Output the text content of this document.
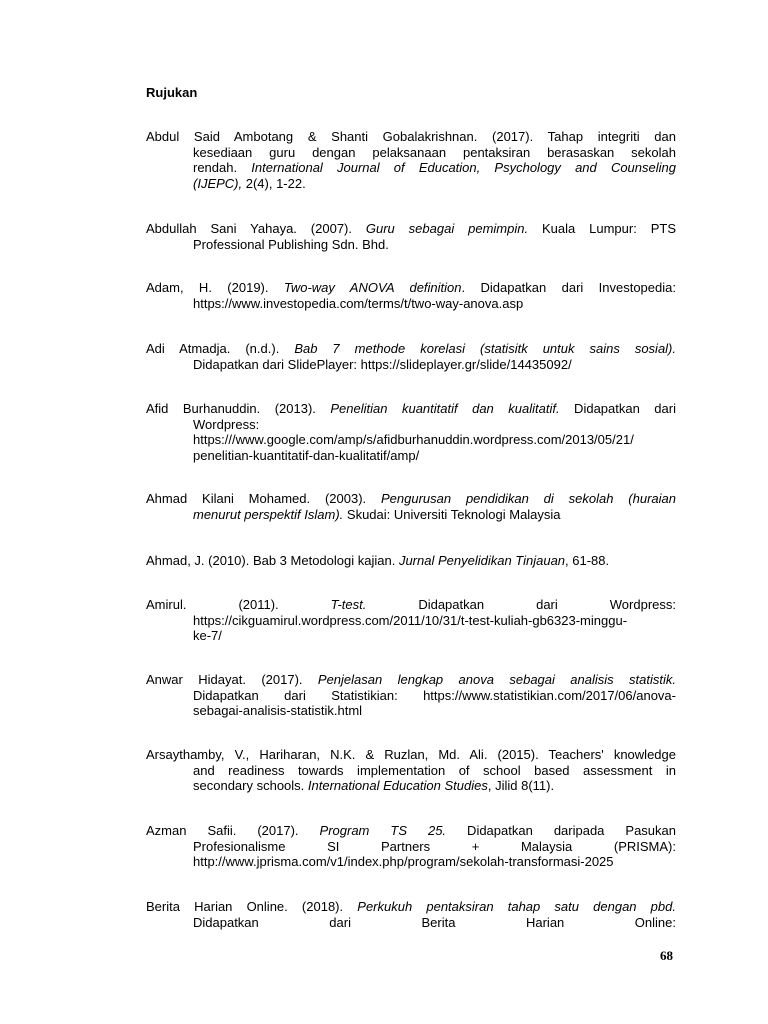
Rujukan
Abdul Said Ambotang & Shanti Gobalakrishnan. (2017). Tahap integriti dan
kesediaan guru dengan pelaksanaan pentaksiran berasaskan sekolah
rendah. International Journal of Education, Psychology and Counseling
(IJEPC), 2(4), 1-22.
Abdullah Sani Yahaya. (2007). Guru sebagai pemimpin. Kuala Lumpur: PTS
Professional Publishing Sdn. Bhd.
Adam, H. (2019). Two-way ANOVA definition. Didapatkan dari Investopedia:
https://www.investopedia.com/terms/t/two-way-anova.asp
Adi Atmadja. (n.d.). Bab 7 methode korelasi (statisitk untuk sains sosial).
Didapatkan dari SlidePlayer: https://slideplayer.gr/slide/14435092/
Afid Burhanuddin. (2013). Penelitian kuantitatif dan kualitatif. Didapatkan dari
Wordpress:
https:///www.google.com/amp/s/afidburhanuddin.wordpress.com/2013/05/21/
penelitian-kuantitatif-dan-kualitatif/amp/
Ahmad Kilani Mohamed. (2003). Pengurusan pendidikan di sekolah (huraian
menurut perspektif Islam). Skudai: Universiti Teknologi Malaysia
Ahmad, J. (2010). Bab 3 Metodologi kajian. Jurnal Penyelidikan Tinjauan, 61-88.
Amirul. (2011). T-test. Didapatkan dari Wordpress:
https://cikguamirul.wordpress.com/2011/10/31/t-test-kuliah-gb6323-minggu-
ke-7/
Anwar Hidayat. (2017). Penjelasan lengkap anova sebagai analisis statistik.
Didapatkan dari Statistikian: https://www.statistikian.com/2017/06/anova-
sebagai-analisis-statistik.html
Arsaythamby, V., Hariharan, N.K. & Ruzlan, Md. Ali. (2015). Teachers' knowledge
and readiness towards implementation of school based assessment in
secondary schools. International Education Studies, Jilid 8(11).
Azman Safii. (2017). Program TS 25. Didapatkan daripada Pasukan
Profesionalisme SI Partners + Malaysia (PRISMA):
http://www.jprisma.com/v1/index.php/program/sekolah-transformasi-2025
Berita Harian Online. (2018). Perkukuh pentaksiran tahap satu dengan pbd.
Didapatkan dari Berita Harian Online:
68
